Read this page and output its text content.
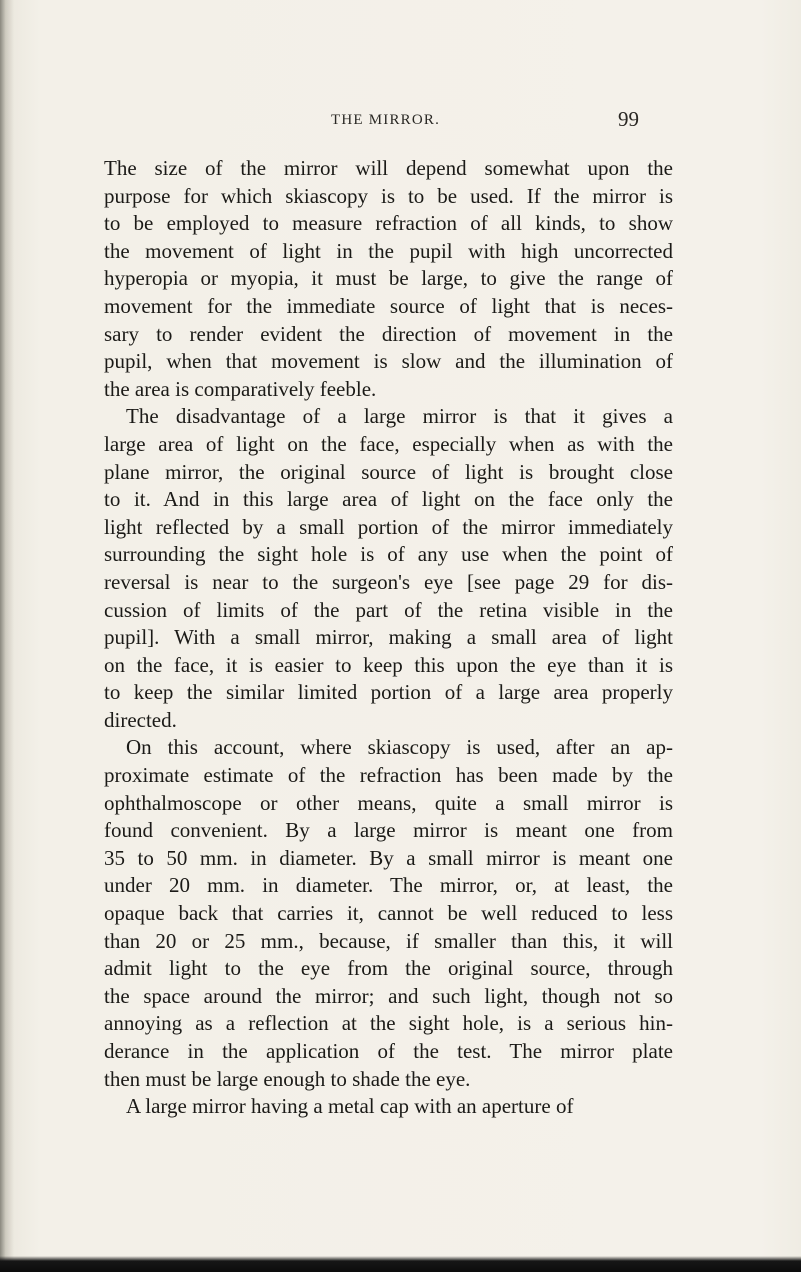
THE MIRROR.	99
The size of the mirror will depend somewhat upon the
purpose for which skiascopy is to be used. If the mirror is
to be employed to measure refraction of all kinds, to show
the movement of light in the pupil with high uncorrected
hyperopia or myopia, it must be large, to give the range of
movement for the immediate source of light that is neces-
sary to render evident the direction of movement in the
pupil, when that movement is slow and the illumination of
the area is comparatively feeble.
The disadvantage of a large mirror is that it gives a
large area of light on the face, especially when as with the
plane mirror, the original source of light is brought close
to it. And in this large area of light on the face only the
light reflected by a small portion of the mirror immediately
surrounding the sight hole is of any use when the point of
reversal is near to the surgeon's eye [see page 29 for dis-
cussion of limits of the part of the retina visible in the
pupil]. With a small mirror, making a small area of light
on the face, it is easier to keep this upon the eye than it is
to keep the similar limited portion of a large area properly
directed.
On this account, where skiascopy is used, after an ap-
proximate estimate of the refraction has been made by the
ophthalmoscope or other means, quite a small mirror is
found convenient. By a large mirror is meant one from
35 to 50 mm. in diameter. By a small mirror is meant one
under 20 mm. in diameter. The mirror, or, at least, the
opaque back that carries it, cannot be well reduced to less
than 20 or 25 mm., because, if smaller than this, it will
admit light to the eye from the original source, through
the space around the mirror; and such light, though not so
annoying as a reflection at the sight hole, is a serious hin-
derance in the application of the test. The mirror plate
then must be large enough to shade the eye.
A large mirror having a metal cap with an aperture of
